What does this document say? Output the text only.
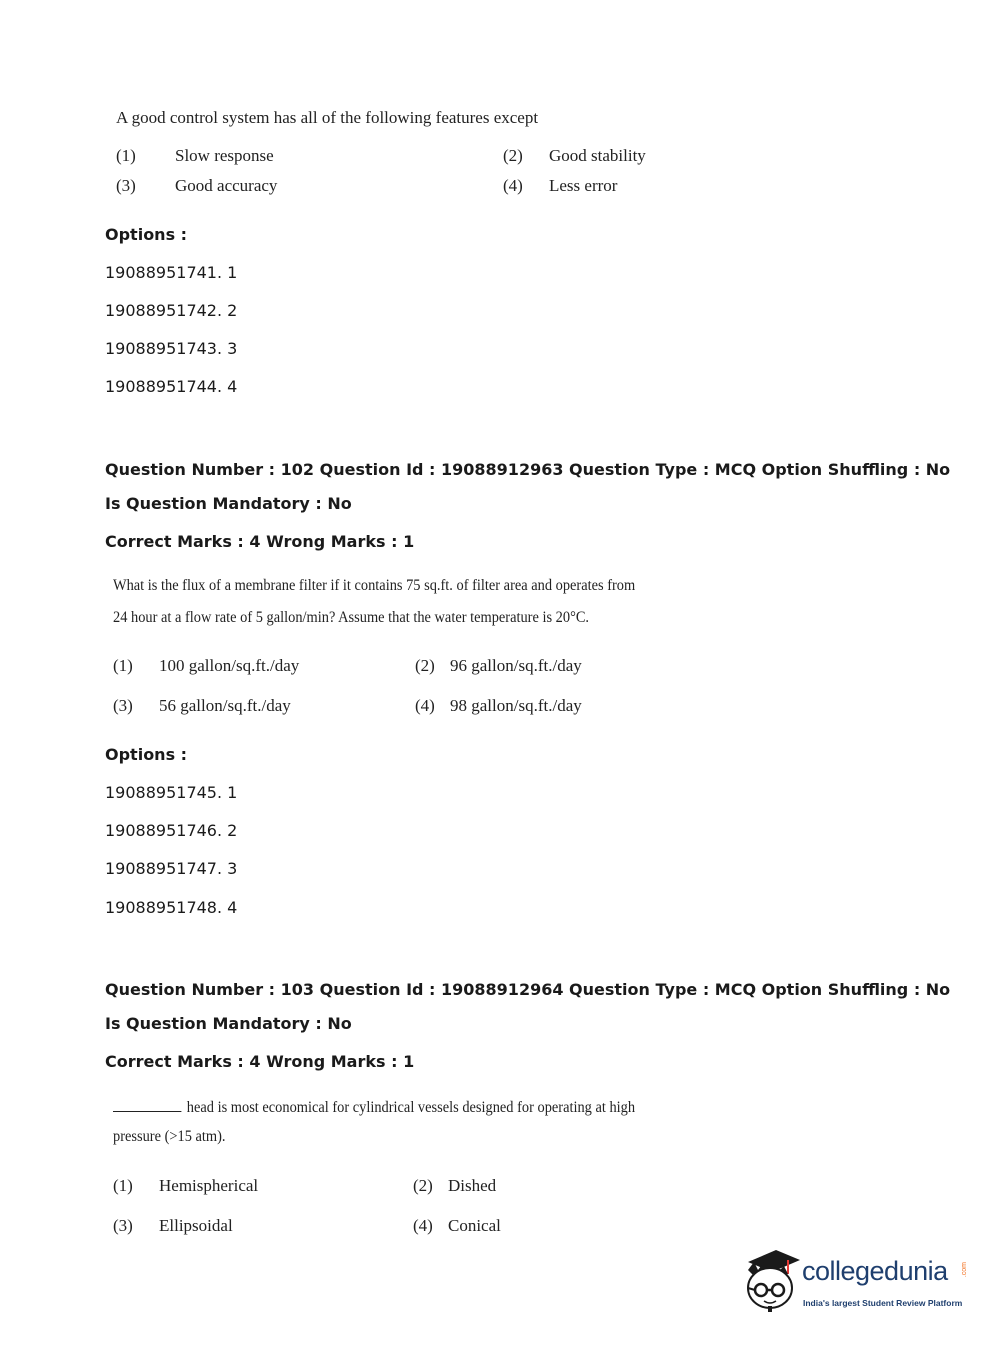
A good control system has all of the following features except
(1) Slow response	(2) Good stability
(3) Good accuracy	(4) Less error
Options :
19088951741. 1
19088951742. 2
19088951743. 3
19088951744. 4
Question Number : 102 Question Id : 19088912963 Question Type : MCQ Option Shuffling : No
Is Question Mandatory : No
Correct Marks : 4 Wrong Marks : 1
What is the flux of a membrane filter if it contains 75 sq.ft. of filter area and operates from
24 hour at a flow rate of 5 gallon/min? Assume that the water temperature is 20°C.
(1) 100 gallon/sq.ft./day	(2) 96 gallon/sq.ft./day
(3) 56 gallon/sq.ft./day	(4) 98 gallon/sq.ft./day
Options :
19088951745. 1
19088951746. 2
19088951747. 3
19088951748. 4
Question Number : 103 Question Id : 19088912964 Question Type : MCQ Option Shuffling : No
Is Question Mandatory : No
Correct Marks : 4 Wrong Marks : 1
head is most economical for cylindrical vessels designed for operating at high
pressure (>15 atm).
(1) Hemispherical	(2) Dished
(3) Ellipsoidal	(4) Conical
collegedunia .com
India's largest Student Review Platform
